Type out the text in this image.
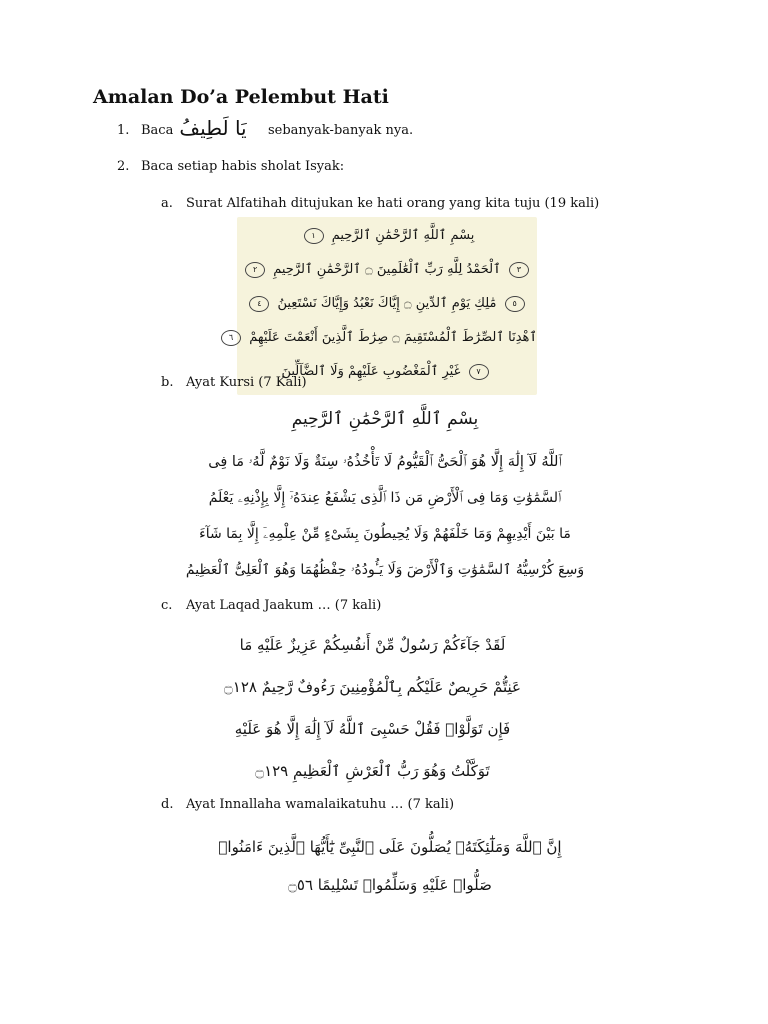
Amalan Do’a Pelembut Hati
1. Baca يَا لَطِيفُ sebanyak-banyak nya.
2. Baca setiap habis sholat Isyak:
a. Surat Alfatihah ditujukan ke hati orang yang kita tuju (19 kali)
بِسْمِ ٱللَّهِ ٱلرَّحْمَٰنِ ٱلرَّحِيمِ ١
٣ ٱلْحَمْدُ لِلَّهِ رَبِّ ٱلْعَٰلَمِينَ ۝ ٱلرَّحْمَٰنِ ٱلرَّحِيمِ ٢
٥ مَٰلِكِ يَوْمِ ٱلدِّينِ ۝ إِيَّاكَ نَعْبُدُ وَإِيَّاكَ نَسْتَعِينُ ٤
ٱهْدِنَا ٱلصِّرَٰطَ ٱلْمُسْتَقِيمَ ۝ صِرَٰطَ ٱلَّذِينَ أَنْعَمْتَ عَلَيْهِمْ ٦
٧ غَيْرِ ٱلْمَغْضُوبِ عَلَيْهِمْ وَلَا ٱلضَّآلِّينَ
b. Ayat Kursi (7 Kali)
بِسْمِ ٱللَّهِ ٱلرَّحْمَٰنِ ٱلرَّحِيمِ
ٱللَّهُ لَآ إِلَٰهَ إِلَّا هُوَ ٱلْحَىُّ ٱلْقَيُّومُ لَا تَأْخُذُهُۥ سِنَةٌ وَلَا نَوْمٌ لَّهُۥ مَا فِى
ٱلسَّمَٰوَٰتِ وَمَا فِى ٱلْأَرْضِ مَن ذَا ٱلَّذِى يَشْفَعُ عِندَهُۥٓ إِلَّا بِإِذْنِهِۦ يَعْلَمُ
مَا بَيْنَ أَيْدِيهِمْ وَمَا خَلْفَهُمْ وَلَا يُحِيطُونَ بِشَىْءٍ مِّنْ عِلْمِهِۦٓ إِلَّا بِمَا شَآءَ
وَسِعَ كُرْسِيُّهُ ٱلسَّمَٰوَٰتِ وَٱلْأَرْضَ وَلَا يَـُٔودُهُۥ حِفْظُهُمَا وَهُوَ ٱلْعَلِىُّ ٱلْعَظِيمُ
c. Ayat Laqad Jaakum … (7 kali)
لَقَدْ جَآءَكُمْ رَسُولٌ مِّنْ أَنفُسِكُمْ عَزِيزٌ عَلَيْهِ مَا
عَنِتُّمْ حَرِيصٌ عَلَيْكُم بِٱلْمُؤْمِنِينَ رَءُوفٌ رَّحِيمٌ ۝١٢٨
فَإِن تَوَلَّوْا۟ فَقُلْ حَسْبِىَ ٱللَّهُ لَآ إِلَٰهَ إِلَّا هُوَ عَلَيْهِ
تَوَكَّلْتُ وَهُوَ رَبُّ ٱلْعَرْشِ ٱلْعَظِيمِ ۝١٢٩
d. Ayat Innallaha wamalaikatuhu … (7 kali)
إِنَّ ٱللَّهَ وَمَلَٰٓئِكَتَهُۥ يُصَلُّونَ عَلَى ٱلنَّبِىِّ يَٰٓأَيُّهَا ٱلَّذِينَ ءَامَنُوا۟
صَلُّوا۟ عَلَيْهِ وَسَلِّمُوا۟ تَسْلِيمًا ۝٥٦
